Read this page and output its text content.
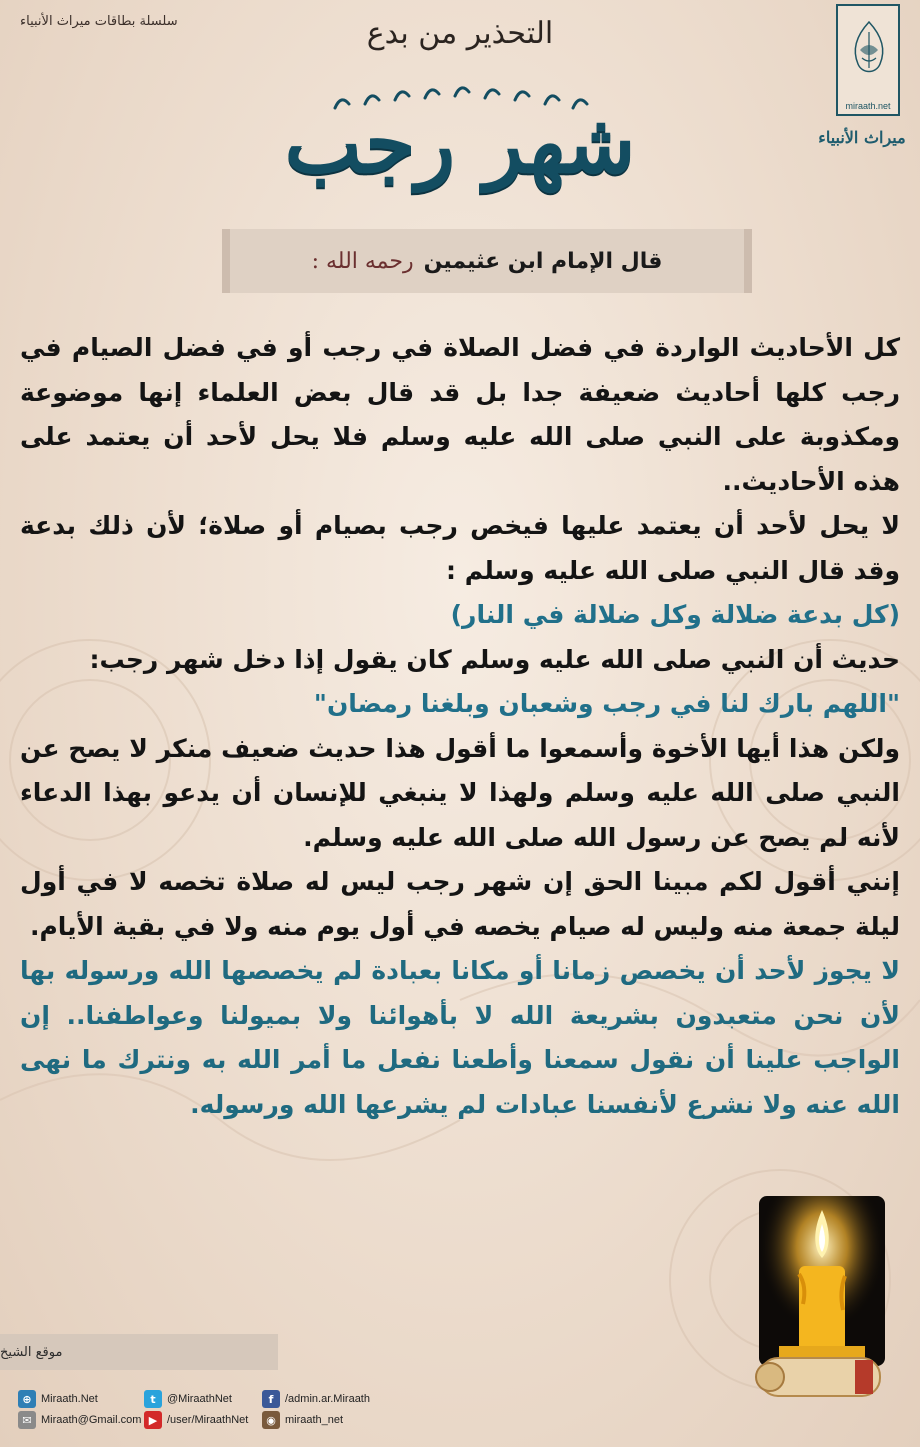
سلسلة بطاقات ميراث الأنبياء
miraath.net
ميراث الأنبياء
التحذير من بدع
شهر رجب
قال الإمام ابن عثيمين
رحمه الله :

كل الأحاديث الواردة في فضل الصلاة في رجب أو في فضل الصيام في رجب كلها أحاديث ضعيفة جدا بل قد قال بعض العلماء إنها موضوعة ومكذوبة على النبي صلى الله عليه وسلم فلا يحل لأحد أن يعتمد على هذه الأحاديث..

لا يحل لأحد أن يعتمد عليها فيخص رجب بصيام أو صلاة؛ لأن ذلك بدعة وقد قال النبي صلى الله عليه وسلم :

(كل بدعة ضلالة وكل ضلالة في النار)

حديث أن النبي صلى الله عليه وسلم كان يقول إذا دخل شهر رجب:

"اللهم بارك لنا في رجب وشعبان وبلغنا رمضان"

ولكن هذا أيها الأخوة وأسمعوا ما أقول هذا حديث ضعيف منكر لا يصح عن النبي صلى الله عليه وسلم ولهذا لا ينبغي للإنسان أن يدعو بهذا الدعاء لأنه لم يصح عن رسول الله صلى الله عليه وسلم.

إنني أقول لكم مبينا الحق إن شهر رجب ليس له صلاة تخصه لا في أول ليلة جمعة منه وليس له صيام يخصه في أول يوم منه ولا في بقية الأيام.

لا يجوز لأحد أن يخصص زمانا أو مكانا بعبادة لم يخصصها الله ورسوله بها لأن نحن متعبدون بشريعة الله لا بأهوائنا ولا بميولنا وعواطفنا.. إن الواجب علينا أن نقول سمعنا وأطعنا نفعل ما أمر الله به ونترك ما نهى الله عنه ولا نشرع لأنفسنا عبادات لم يشرعها الله ورسوله.

موقع الشيخ
⊕ Miraath.Net	t	@MiraathNet	f	/admin.ar.Miraath
✉ Miraath@Gmail.com ▶ /user/MiraathNet	◉ miraath_net
